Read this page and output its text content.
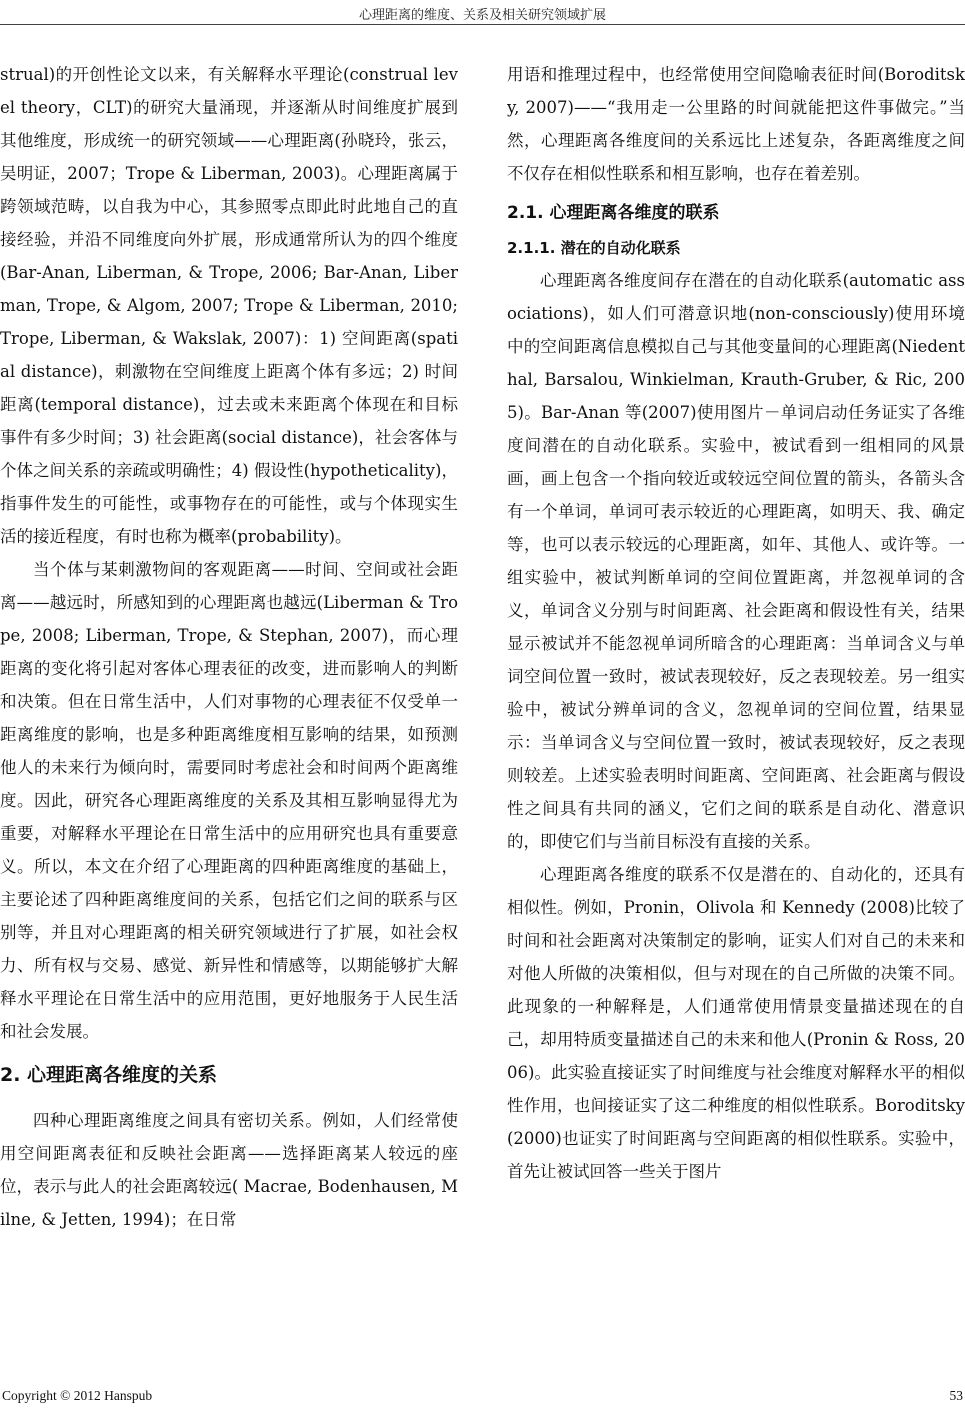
心理距离的维度、关系及相关研究领域扩展

strual)的开创性论文以来，有关解释水平理论(construal level theory，CLT)的研究大量涌现，并逐渐从时间维度扩展到其他维度，形成统一的研究领域——心理距离(孙晓玲，张云，吴明证，2007；Trope & Liberman, 2003)。心理距离属于跨领域范畴，以自我为中心，其参照零点即此时此地自己的直接经验，并沿不同维度向外扩展，形成通常所认为的四个维度(Bar-Anan, Liberman, & Trope, 2006; Bar-Anan, Liberman, Trope, & Algom, 2007; Trope & Liberman, 2010; Trope, Liberman, & Wakslak, 2007)：1) 空间距离(spatial distance)，刺激物在空间维度上距离个体有多远；2) 时间距离(temporal distance)，过去或未来距离个体现在和目标事件有多少时间；3) 社会距离(social distance)，社会客体与个体之间关系的亲疏或明确性；4) 假设性(hypotheticality)，指事件发生的可能性，或事物存在的可能性，或与个体现实生活的接近程度，有时也称为概率(probability)。

当个体与某刺激物间的客观距离——时间、空间或社会距离——越远时，所感知到的心理距离也越远(Liberman & Trope, 2008; Liberman, Trope, & Stephan, 2007)，而心理距离的变化将引起对客体心理表征的改变，进而影响人的判断和决策。但在日常生活中，人们对事物的心理表征不仅受单一距离维度的影响，也是多种距离维度相互影响的结果，如预测他人的未来行为倾向时，需要同时考虑社会和时间两个距离维度。因此，研究各心理距离维度的关系及其相互影响显得尤为重要，对解释水平理论在日常生活中的应用研究也具有重要意义。所以，本文在介绍了心理距离的四种距离维度的基础上，主要论述了四种距离维度间的关系，包括它们之间的联系与区别等，并且对心理距离的相关研究领域进行了扩展，如社会权力、所有权与交易、感觉、新异性和情感等，以期能够扩大解释水平理论在日常生活中的应用范围，更好地服务于人民生活和社会发展。

2. 心理距离各维度的关系

四种心理距离维度之间具有密切关系。例如，人们经常使用空间距离表征和反映社会距离——选择距离某人较远的座位，表示与此人的社会距离较远( Macrae, Bodenhausen, Milne, & Jetten, 1994)；在日常

用语和推理过程中，也经常使用空间隐喻表征时间(Boroditsky, 2007)——“我用走一公里路的时间就能把这件事做完。”当然，心理距离各维度间的关系远比上述复杂，各距离维度之间不仅存在相似性联系和相互影响，也存在着差别。

2.1. 心理距离各维度的联系
2.1.1. 潜在的自动化联系

心理距离各维度间存在潜在的自动化联系(automatic associations)，如人们可潜意识地(non-consciously)使用环境中的空间距离信息模拟自己与其他变量间的心理距离(Niedenthal, Barsalou, Winkielman, Krauth-Gruber, & Ric, 2005)。Bar-Anan 等(2007)使用图片－单词启动任务证实了各维度间潜在的自动化联系。实验中，被试看到一组相同的风景画，画上包含一个指向较近或较远空间位置的箭头，各箭头含有一个单词，单词可表示较近的心理距离，如明天、我、确定等，也可以表示较远的心理距离，如年、其他人、或许等。一组实验中，被试判断单词的空间位置距离，并忽视单词的含义，单词含义分别与时间距离、社会距离和假设性有关，结果显示被试并不能忽视单词所暗含的心理距离：当单词含义与单词空间位置一致时，被试表现较好，反之表现较差。另一组实验中，被试分辨单词的含义，忽视单词的空间位置，结果显示：当单词含义与空间位置一致时，被试表现较好，反之表现则较差。上述实验表明时间距离、空间距离、社会距离与假设性之间具有共同的涵义，它们之间的联系是自动化、潜意识的，即使它们与当前目标没有直接的关系。

心理距离各维度的联系不仅是潜在的、自动化的，还具有相似性。例如，Pronin，Olivola 和 Kennedy (2008)比较了时间和社会距离对决策制定的影响，证实人们对自己的未来和对他人所做的决策相似，但与对现在的自己所做的决策不同。此现象的一种解释是，人们通常使用情景变量描述现在的自己，却用特质变量描述自己的未来和他人(Pronin & Ross, 2006)。此实验直接证实了时间维度与社会维度对解释水平的相似性作用，也间接证实了这二种维度的相似性联系。Boroditsky(2000)也证实了时间距离与空间距离的相似性联系。实验中，首先让被试回答一些关于图片

Copyright © 2012 Hanspub	53
